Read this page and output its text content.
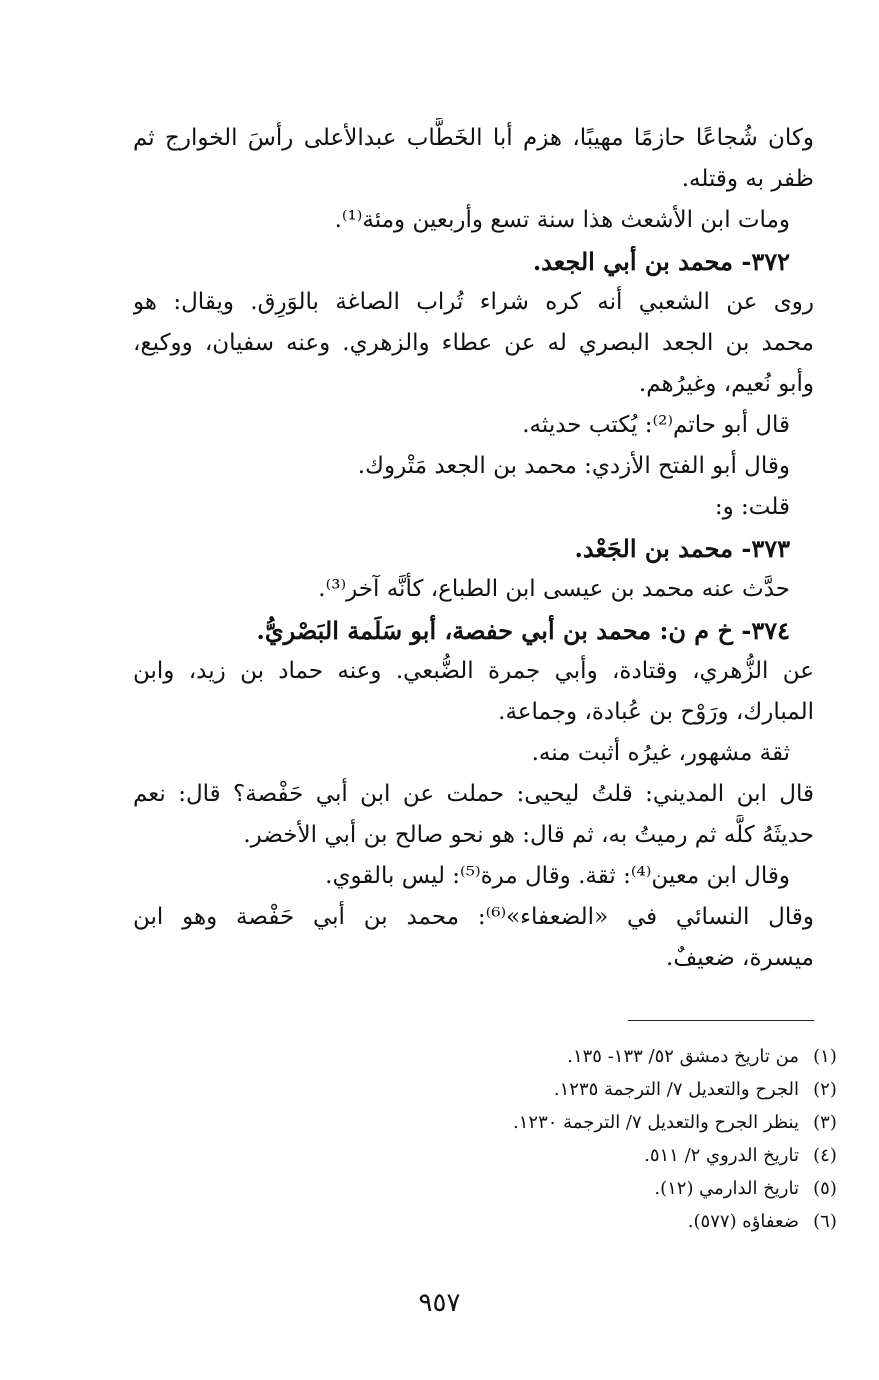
وكان شُجاعًا حازمًا مهيبًا، هزم أبا الخَطَّاب عبدالأعلى رأسَ الخوارج ثم
ظفر به وقتله.
ومات ابن الأشعث هذا سنة تسع وأربعين ومئة⁽¹⁾.
٣٧٢- محمد بن أبي الجعد.
روى عن الشعبي أنه كره شراء تُراب الصاغة بالوَرِق. ويقال: هو
محمد بن الجعد البصري له عن عطاء والزهري. وعنه سفيان، ووكيع،
وأبو نُعيم، وغيرُهم.
قال أبو حاتم⁽²⁾: يُكتب حديثه.
وقال أبو الفتح الأزدي: محمد بن الجعد مَتْروك.
قلت: و:
٣٧٣- محمد بن الجَعْد.
حدَّث عنه محمد بن عيسى ابن الطباع، كأنَّه آخر⁽³⁾.
٣٧٤- خ م ن: محمد بن أبي حفصة، أبو سَلَمة البَصْريُّ.
عن الزُّهري، وقتادة، وأبي جمرة الضُّبعي. وعنه حماد بن زيد، وابن
المبارك، ورَوْح بن عُبادة، وجماعة.
ثقة مشهور، غيرُه أثبت منه.
قال ابن المديني: قلتُ ليحيى: حملت عن ابن أبي حَفْصة؟ قال: نعم
حديثَهُ كلَّه ثم رميتُ به، ثم قال: هو نحو صالح بن أبي الأخضر.
وقال ابن معين⁽⁴⁾: ثقة. وقال مرة⁽⁵⁾: ليس بالقوي.
وقال النسائي في «الضعفاء»⁽⁶⁾: محمد بن أبي حَفْصة وهو ابن
ميسرة، ضعيفٌ.
(١)من تاريخ دمشق ٥٢/ ١٣٣- ١٣٥.
(٢)الجرح والتعديل ٧/ الترجمة ١٢٣٥.
(٣)ينظر الجرح والتعديل ٧/ الترجمة ١٢٣٠.
(٤)تاريخ الدروي ٢/ ٥١١.
(٥)تاريخ الدارمي (١٢).
(٦)ضعفاؤه (٥٧٧).
٩٥٧
